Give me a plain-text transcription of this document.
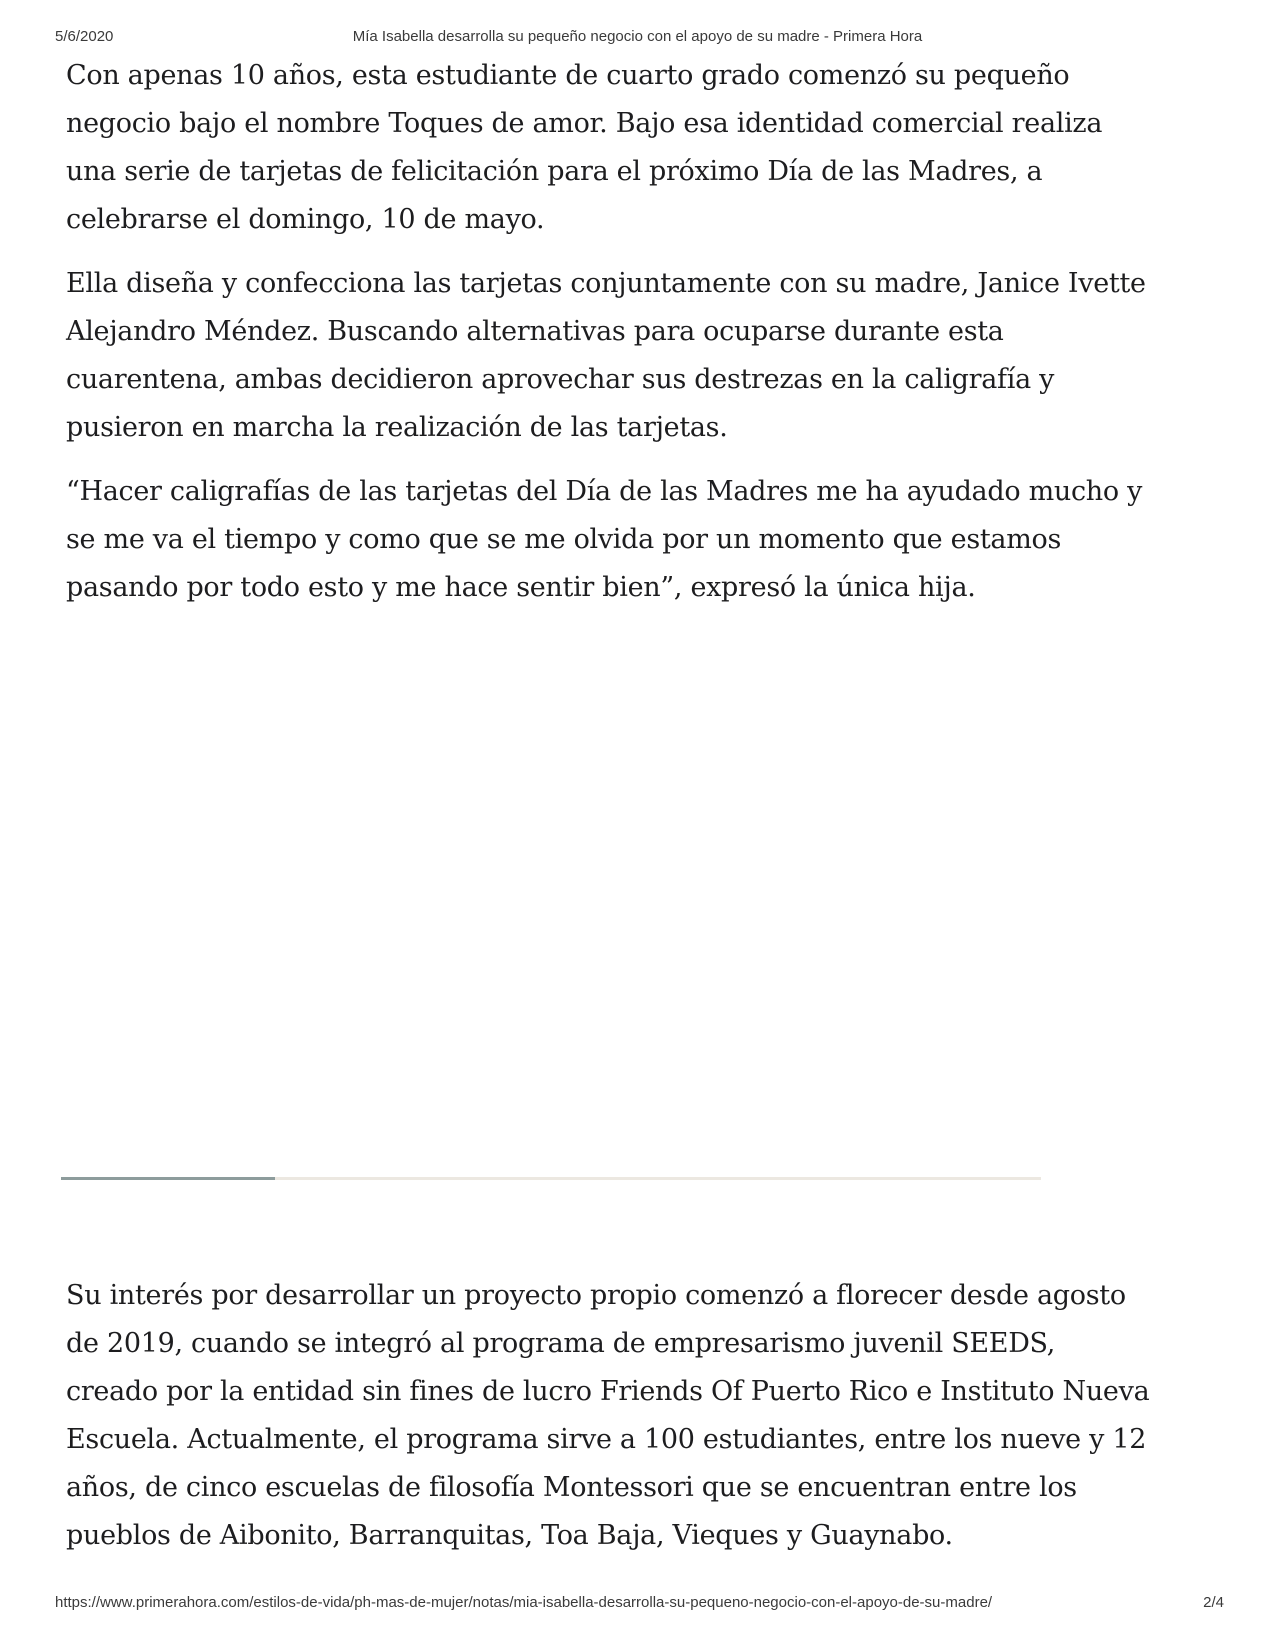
5/6/2020	Mía Isabella desarrolla su pequeño negocio con el apoyo de su madre - Primera Hora

Con apenas 10 años, esta estudiante de cuarto grado comenzó su pequeño negocio bajo el nombre Toques de amor. Bajo esa identidad comercial realiza una serie de tarjetas de felicitación para el próximo Día de las Madres, a celebrarse el domingo, 10 de mayo.

Ella diseña y confecciona las tarjetas conjuntamente con su madre, Janice Ivette Alejandro Méndez. Buscando alternativas para ocuparse durante esta cuarentena, ambas decidieron aprovechar sus destrezas en la caligrafía y pusieron en marcha la realización de las tarjetas.

“Hacer caligrafías de las tarjetas del Día de las Madres me ha ayudado mucho y se me va el tiempo y como que se me olvida por un momento que estamos pasando por todo esto y me hace sentir bien”, expresó la única hija.

Su interés por desarrollar un proyecto propio comenzó a florecer desde agosto de 2019, cuando se integró al programa de empresarismo juvenil SEEDS, creado por la entidad sin fines de lucro Friends Of Puerto Rico e Instituto Nueva Escuela. Actualmente, el programa sirve a 100 estudiantes, entre los nueve y 12 años, de cinco escuelas de filosofía Montessori que se encuentran entre los pueblos de Aibonito, Barranquitas, Toa Baja, Vieques y Guaynabo.

https://www.primerahora.com/estilos-de-vida/ph-mas-de-mujer/notas/mia-isabella-desarrolla-su-pequeno-negocio-con-el-apoyo-de-su-madre/	2/4
